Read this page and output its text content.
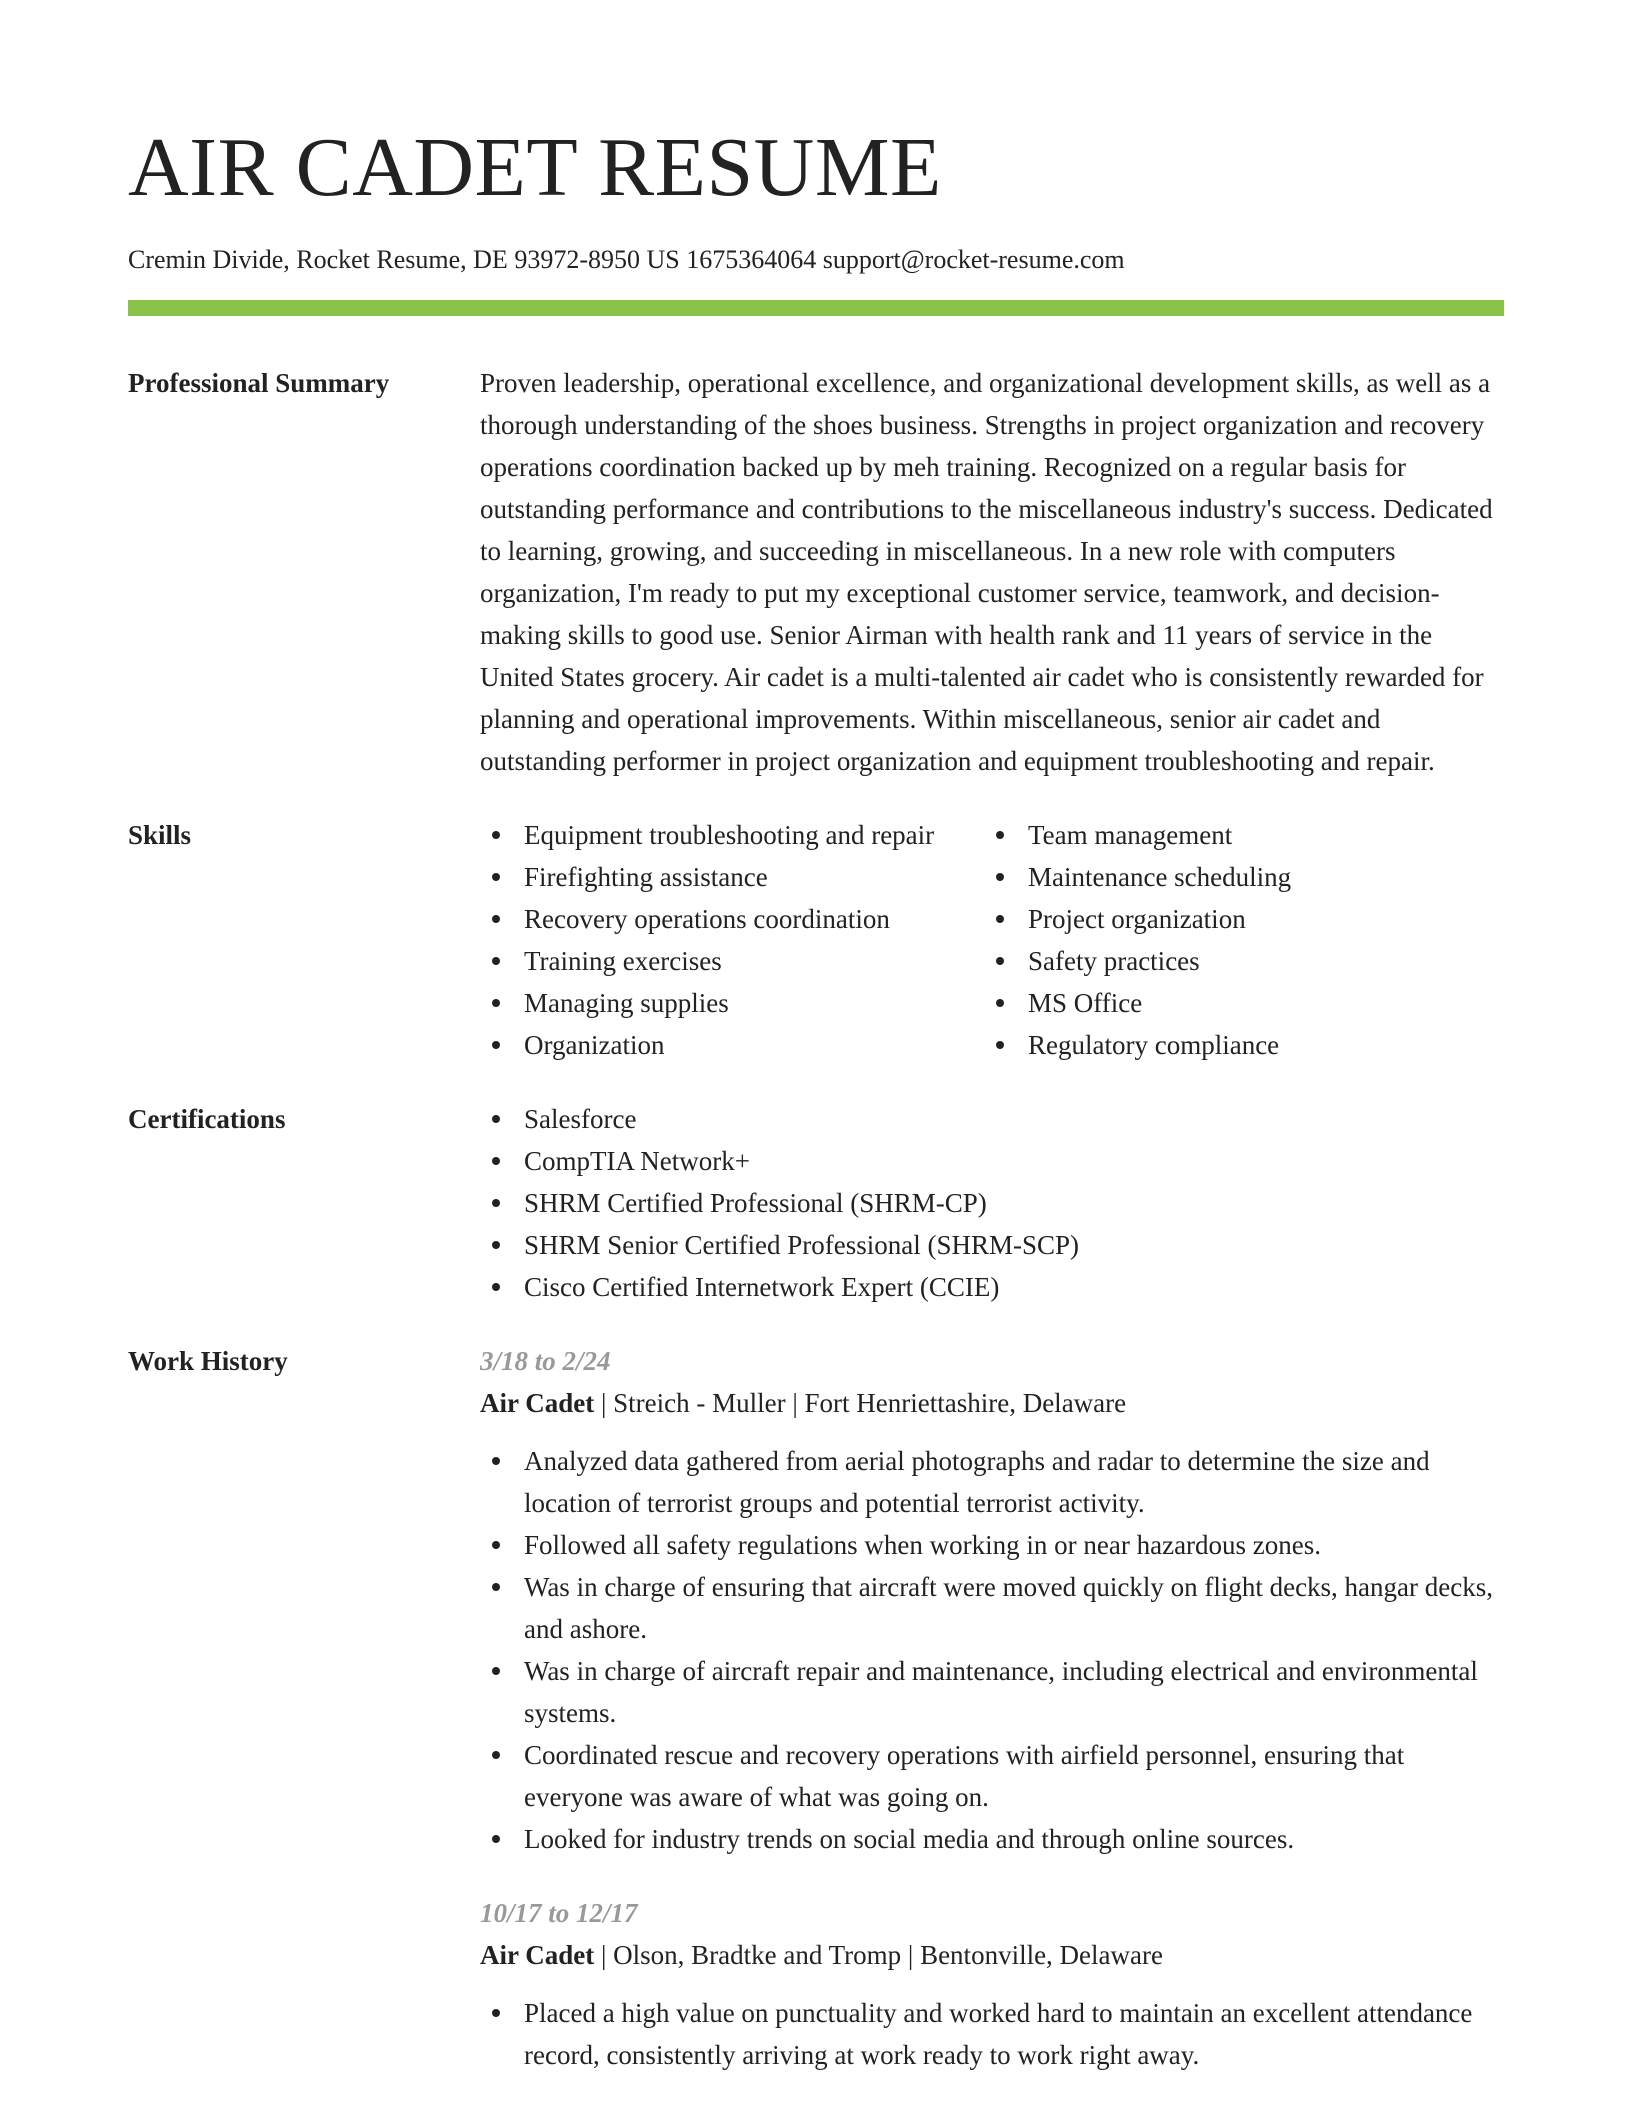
AIR CADET RESUME
Cremin Divide, Rocket Resume, DE 93972-8950 US 1675364064 support@rocket-resume.com
Professional Summary	Proven leadership, operational excellence, and organizational development skills, as well as a thorough understanding of the shoes business. Strengths in project organization and recovery operations coordination backed up by meh training. Recognized on a regular basis for outstanding performance and contributions to the miscellaneous industry's success. Dedicated to learning, growing, and succeeding in miscellaneous. In a new role with computers organization, I'm ready to put my exceptional customer service, teamwork, and decision-making skills to good use. Senior Airman with health rank and 11 years of service in the United States grocery. Air cadet is a multi-talented air cadet who is consistently rewarded for planning and operational improvements. Within miscellaneous, senior air cadet and outstanding performer in project organization and equipment troubleshooting and repair.

Skills	Equipment troubleshooting and repair
Firefighting assistance
Recovery operations coordination
Training exercises
Managing supplies
Organization
Team management
Maintenance scheduling
Project organization
Safety practices
MS Office
Regulatory compliance
Certifications	Salesforce
CompTIA Network+
SHRM Certified Professional (SHRM-CP)
SHRM Senior Certified Professional (SHRM-SCP)
Cisco Certified Internetwork Expert (CCIE)
Work History	3/18 to 2/24
Air Cadet | Streich - Muller | Fort Henriettashire, Delaware
Analyzed data gathered from aerial photographs and radar to determine the size and location of terrorist groups and potential terrorist activity.
Followed all safety regulations when working in or near hazardous zones.
Was in charge of ensuring that aircraft were moved quickly on flight decks, hangar decks, and ashore.
Was in charge of aircraft repair and maintenance, including electrical and environmental systems.
Coordinated rescue and recovery operations with airfield personnel, ensuring that everyone was aware of what was going on.
Looked for industry trends on social media and through online sources.
10/17 to 12/17
Air Cadet | Olson, Bradtke and Tromp | Bentonville, Delaware
Placed a high value on punctuality and worked hard to maintain an excellent attendance record, consistently arriving at work ready to work right away.
